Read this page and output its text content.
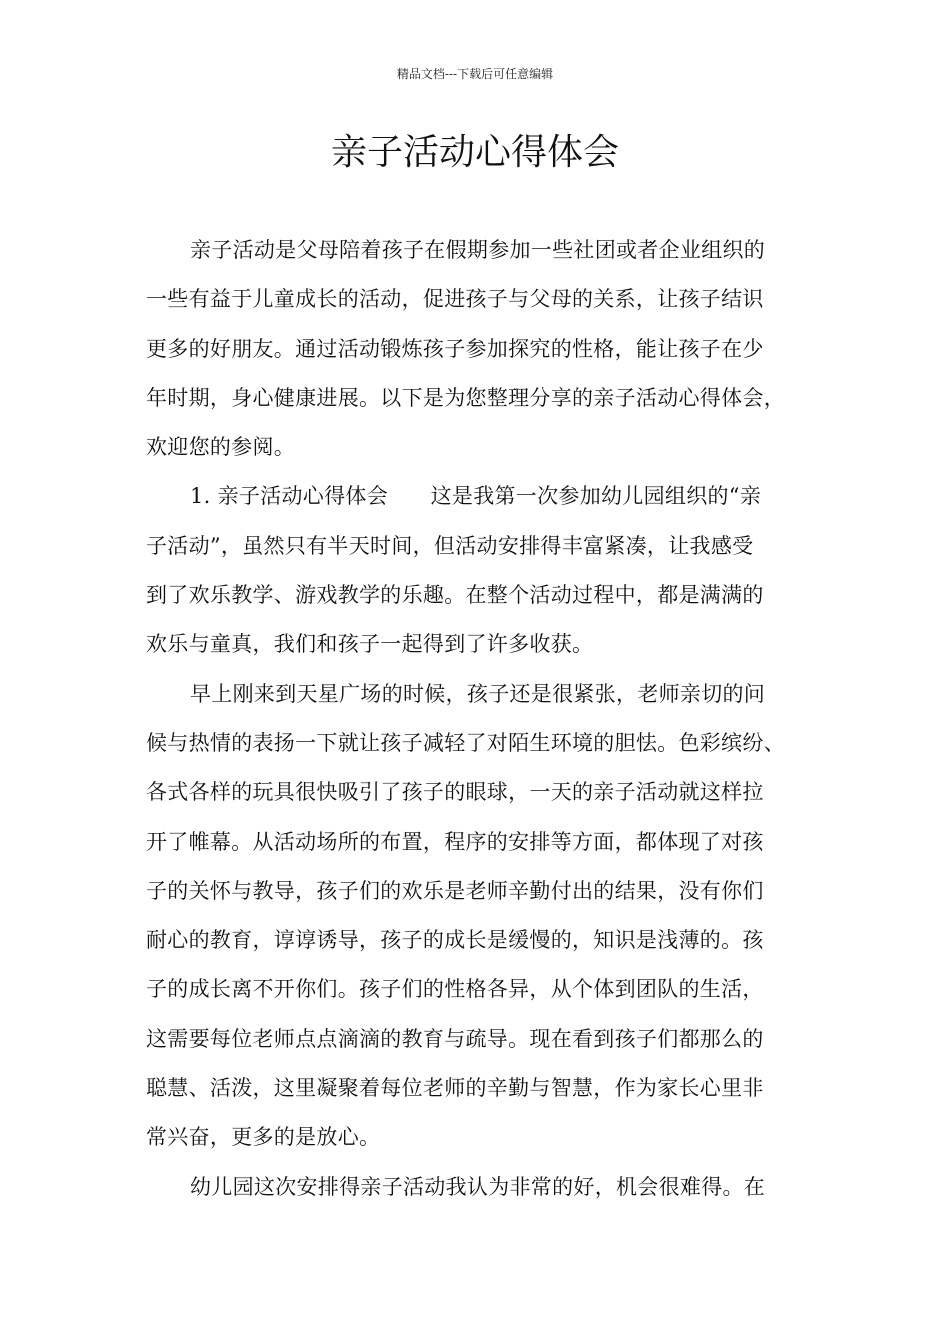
精品文档---下载后可任意编辑
亲子活动心得体会
亲子活动是父母陪着孩子在假期参加一些社团或者企业组织的
一些有益于儿童成长的活动，促进孩子与父母的关系，让孩子结识
更多的好朋友。通过活动锻炼孩子参加探究的性格，能让孩子在少
年时期，身心健康进展。以下是为您整理分享的亲子活动心得体会，
欢迎您的参阅。
1. 亲子活动心得体会　　这是我第一次参加幼儿园组织的“亲
子活动”，虽然只有半天时间，但活动安排得丰富紧凑，让我感受
到了欢乐教学、游戏教学的乐趣。在整个活动过程中，都是满满的
欢乐与童真，我们和孩子一起得到了许多收获。
早上刚来到天星广场的时候，孩子还是很紧张，老师亲切的问
候与热情的表扬一下就让孩子减轻了对陌生环境的胆怯。色彩缤纷、
各式各样的玩具很快吸引了孩子的眼球，一天的亲子活动就这样拉
开了帷幕。从活动场所的布置，程序的安排等方面，都体现了对孩
子的关怀与教导，孩子们的欢乐是老师辛勤付出的结果，没有你们
耐心的教育，谆谆诱导，孩子的成长是缓慢的，知识是浅薄的。孩
子的成长离不开你们。孩子们的性格各异，从个体到团队的生活，
这需要每位老师点点滴滴的教育与疏导。现在看到孩子们都那么的
聪慧、活泼，这里凝聚着每位老师的辛勤与智慧，作为家长心里非
常兴奋，更多的是放心。
幼儿园这次安排得亲子活动我认为非常的好，机会很难得。在
